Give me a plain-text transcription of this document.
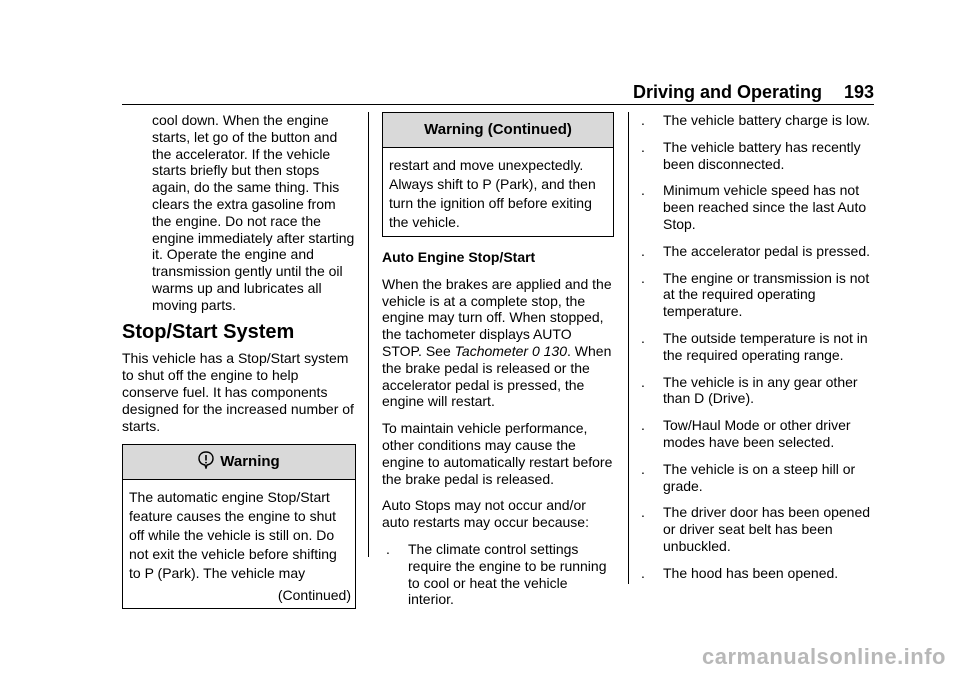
Driving and Operating 193

cool down. When the engine starts, let go of the button and the accelerator. If the vehicle starts briefly but then stops again, do the same thing. This clears the extra gasoline from the engine. Do not race the engine immediately after starting it. Operate the engine and transmission gently until the oil warms up and lubricates all moving parts.

Stop/Start System

This vehicle has a Stop/Start system to shut off the engine to help conserve fuel. It has components designed for the increased number of starts.

Warning

The automatic engine Stop/Start feature causes the engine to shut off while the vehicle is still on. Do not exit the vehicle before shifting to P (Park). The vehicle may

(Continued)
Warning (Continued)

restart and move unexpectedly. Always shift to P (Park), and then turn the ignition off before exiting the vehicle.

Auto Engine Stop/Start

When the brakes are applied and the vehicle is at a complete stop, the engine may turn off. When stopped, the tachometer displays AUTO STOP. See Tachometer 0 130. When the brake pedal is released or the accelerator pedal is pressed, the engine will restart.

To maintain vehicle performance, other conditions may cause the engine to automatically restart before the brake pedal is released.

Auto Stops may not occur and/or auto restarts may occur because:

. The climate control settings require the engine to be running to cool or heat the vehicle interior.
. The vehicle battery charge is low.
. The vehicle battery has recently been disconnected.
. Minimum vehicle speed has not been reached since the last Auto Stop.
. The accelerator pedal is pressed.
. The engine or transmission is not at the required operating temperature.
. The outside temperature is not in the required operating range.
. The vehicle is in any gear other than D (Drive).
. Tow/Haul Mode or other driver modes have been selected.
. The vehicle is on a steep hill or grade.
. The driver door has been opened or driver seat belt has been unbuckled.
. The hood has been opened.
carmanualsonline.info
